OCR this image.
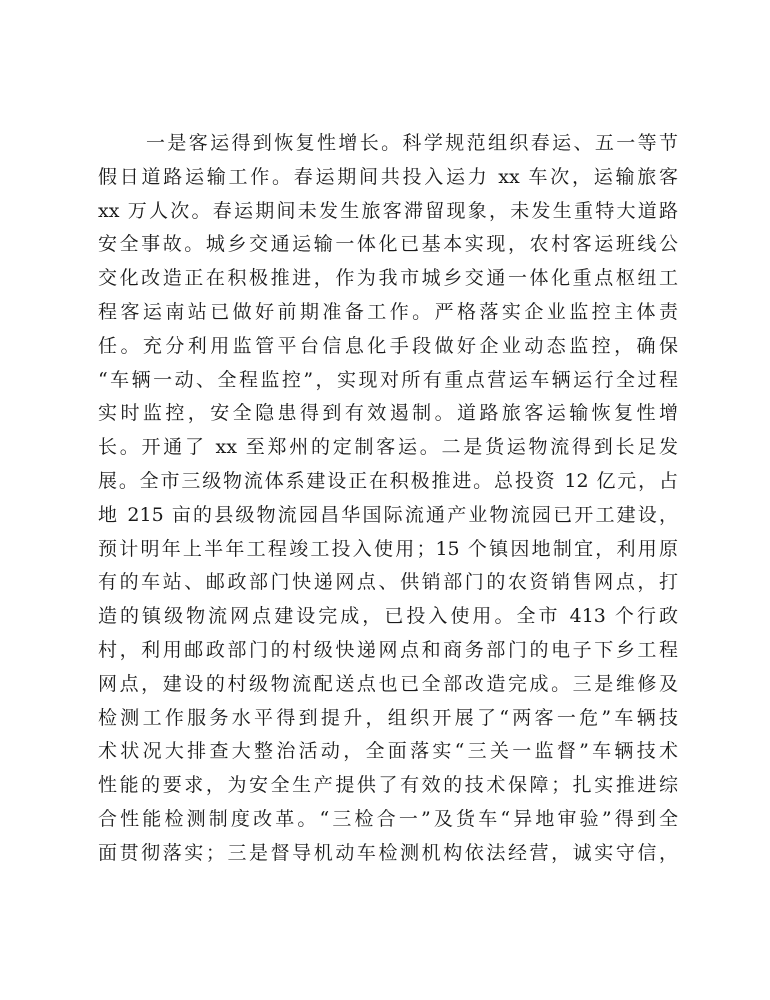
一是客运得到恢复性增长。科学规范组织春运、五一等节
假日道路运输工作。春运期间共投入运力 xx 车次，运输旅客
xx 万人次。春运期间未发生旅客滞留现象，未发生重特大道路
安全事故。城乡交通运输一体化已基本实现，农村客运班线公
交化改造正在积极推进，作为我市城乡交通一体化重点枢纽工
程客运南站已做好前期准备工作。严格落实企业监控主体责
任。充分利用监管平台信息化手段做好企业动态监控，确保
“车辆一动、全程监控”，实现对所有重点营运车辆运行全过程
实时监控，安全隐患得到有效遏制。道路旅客运输恢复性增
长。开通了 xx 至郑州的定制客运。二是货运物流得到长足发
展。全市三级物流体系建设正在积极推进。总投资 12 亿元，占
地 215 亩的县级物流园昌华国际流通产业物流园已开工建设，
预计明年上半年工程竣工投入使用；15 个镇因地制宜，利用原
有的车站、邮政部门快递网点、供销部门的农资销售网点，打
造的镇级物流网点建设完成，已投入使用。全市 413 个行政
村，利用邮政部门的村级快递网点和商务部门的电子下乡工程
网点，建设的村级物流配送点也已全部改造完成。三是维修及
检测工作服务水平得到提升，组织开展了“两客一危”车辆技
术状况大排查大整治活动，全面落实“三关一监督”车辆技术
性能的要求，为安全生产提供了有效的技术保障；扎实推进综
合性能检测制度改革。“三检合一”及货车“异地审验”得到全
面贯彻落实；三是督导机动车检测机构依法经营，诚实守信，
